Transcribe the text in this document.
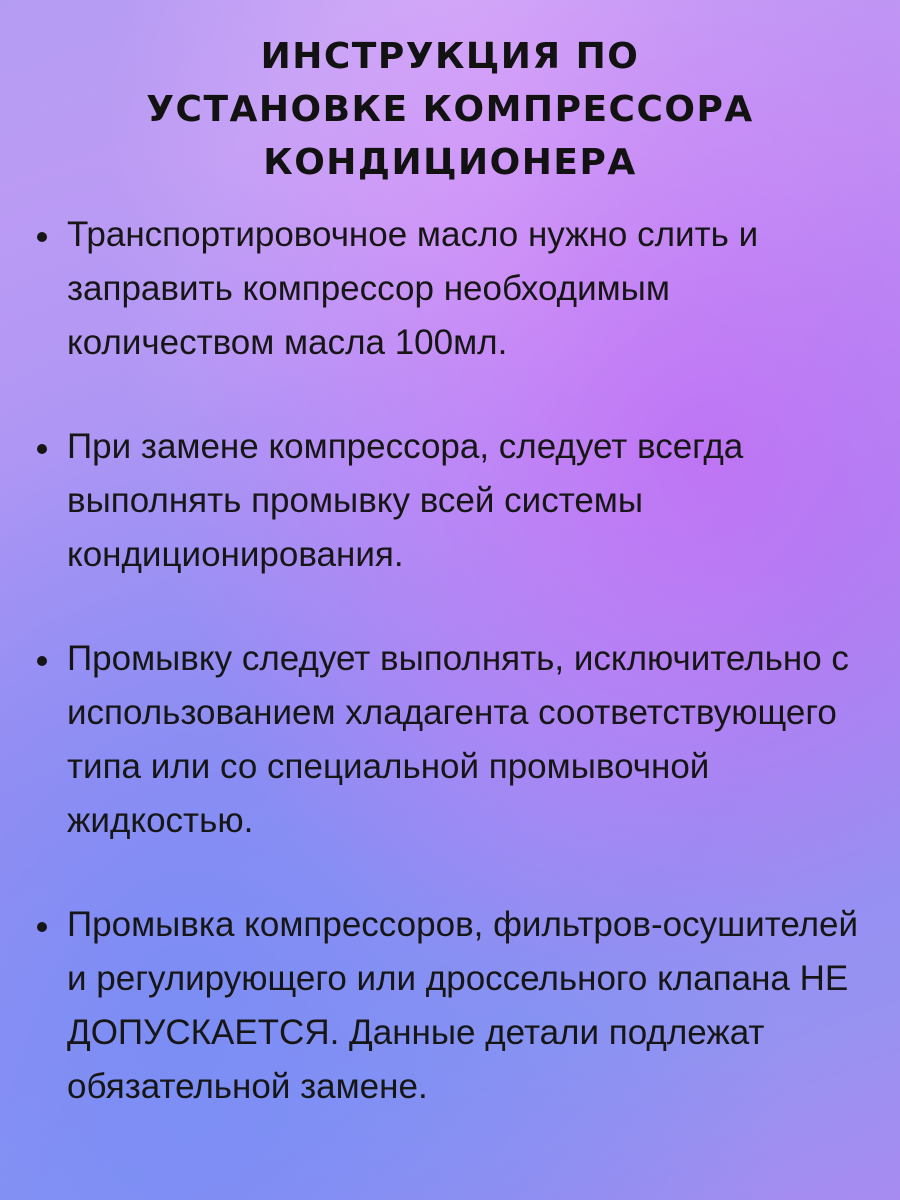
ИНСТРУКЦИЯ ПО
УСТАНОВКЕ КОМПРЕССОРА
КОНДИЦИОНЕРА
Транспортировочное масло нужно слить и заправить компрессор необходимым количеством масла 100мл.
При замене компрессора, следует всегда выполнять промывку всей системы кондиционирования.
Промывку следует выполнять, исключительно с использованием хладагента соответствующего типа или со специальной промывочной жидкостью.
Промывка компрессоров, фильтров-осушителей и регулирующего или дроссельного клапана НЕ ДОПУСКАЕТСЯ. Данные детали подлежат обязательной замене.
